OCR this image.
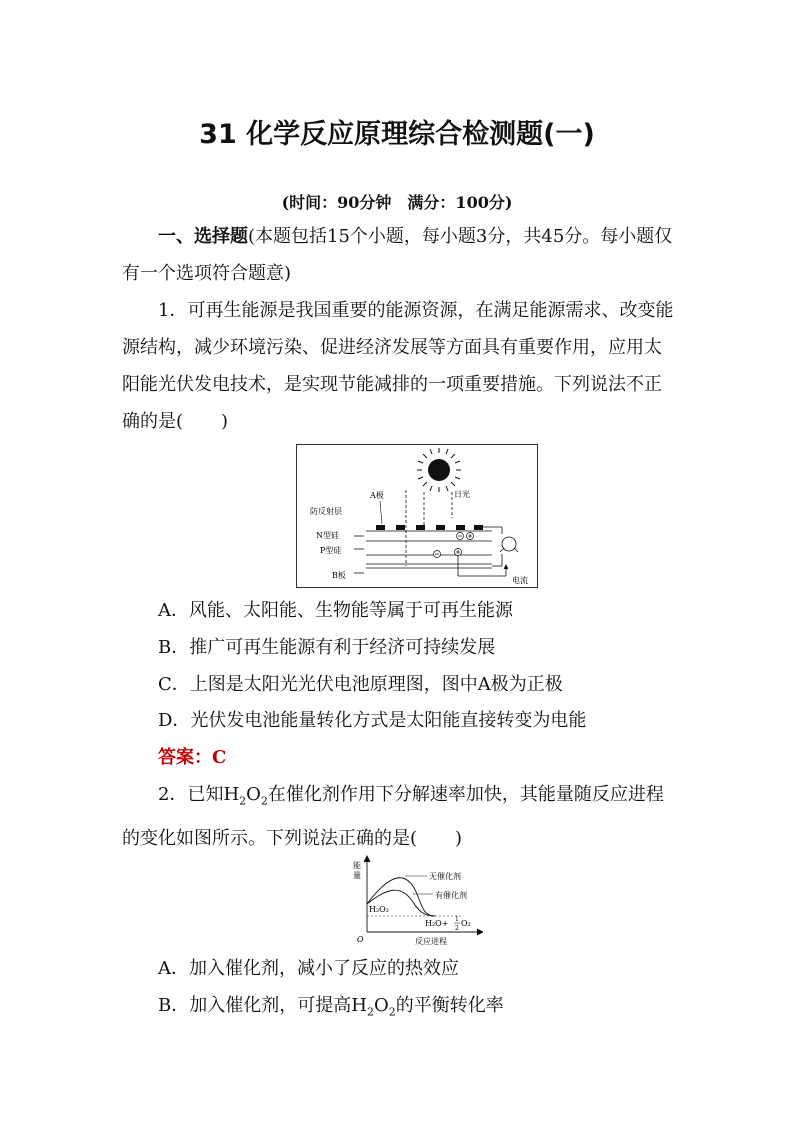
31 化学反应原理综合检测题(一)
(时间：90分钟　满分：100分)
一、选择题(本题包括15个小题，每小题3分，共45分。每小题仅有一个选项符合题意)
1．可再生能源是我国重要的能源资源，在满足能源需求、改变能源结构，减少环境污染、促进经济发展等方面具有重要作用，应用太阳能光伏发电技术，是实现节能减排的一项重要措施。下列说法不正确的是( )
A极	日光
防反射层
N型硅
P型硅
B板
电流
A．风能、太阳能、生物能等属于可再生能源
B．推广可再生能源有利于经济可持续发展
C．上图是太阳光光伏电池原理图，图中A极为正极
D．光伏发电池能量转化方式是太阳能直接转变为电能
答案：C
2．已知$H_2O_2$在催化剂作用下分解速率加快，其能量随反应进程的变化如图所示。下列说法正确的是( )
能
量
O	反应进程
无催化剂
有催化剂
H₂O₂
H₂O+ 1
2
O₂
A．加入催化剂，减小了反应的热效应
B．加入催化剂，可提高$H_2O_2$的平衡转化率
